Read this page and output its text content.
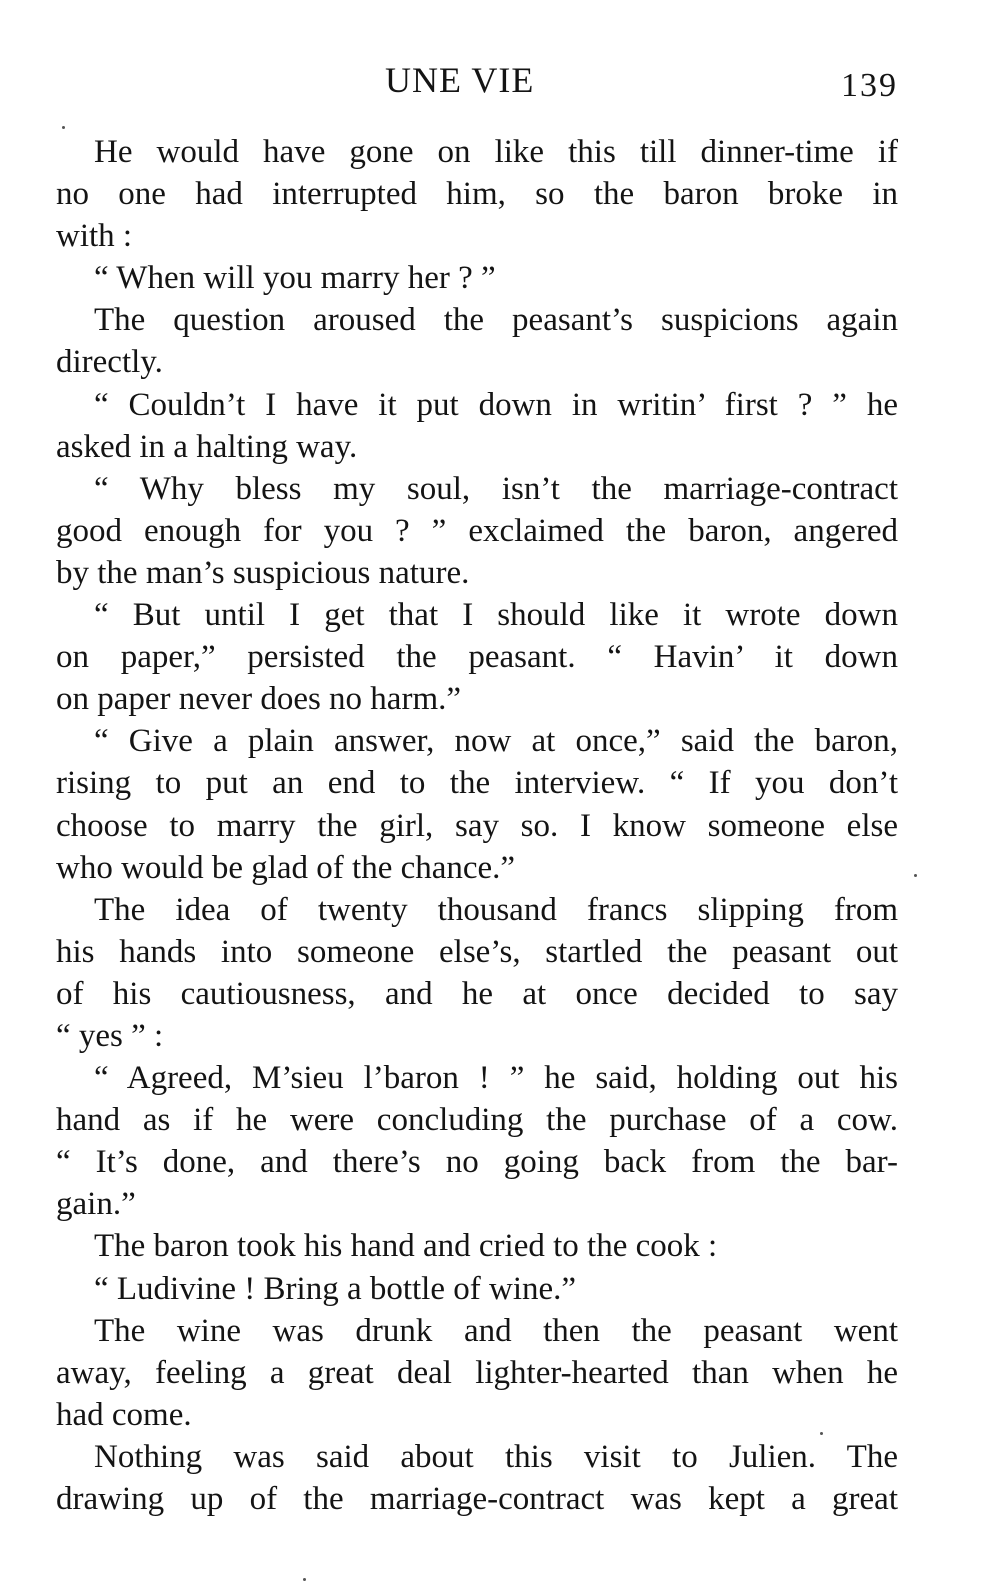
UNE VIE	139
He would have gone on like this till dinner-time if
no one had interrupted him, so the baron broke in
with :
“ When will you marry her ? ”
The question aroused the peasant’s suspicions again
directly.
“ Couldn’t I have it put down in writin’ first ? ” he
asked in a halting way.
“ Why bless my soul, isn’t the marriage-contract
good enough for you ? ” exclaimed the baron, angered
by the man’s suspicious nature.
“ But until I get that I should like it wrote down
on paper,” persisted the peasant. “ Havin’ it down
on paper never does no harm.”
“ Give a plain answer, now at once,” said the baron,
rising to put an end to the interview. “ If you don’t
choose to marry the girl, say so. I know someone else
who would be glad of the chance.”
The idea of twenty thousand francs slipping from
his hands into someone else’s, startled the peasant out
of his cautiousness, and he at once decided to say
“ yes ” :
“ Agreed, M’sieu l’baron ! ” he said, holding out his
hand as if he were concluding the purchase of a cow.
“ It’s done, and there’s no going back from the bar-
gain.”
The baron took his hand and cried to the cook :
“ Ludivine ! Bring a bottle of wine.”
The wine was drunk and then the peasant went
away, feeling a great deal lighter-hearted than when he
had come.
Nothing was said about this visit to Julien. The
drawing up of the marriage-contract was kept a great
